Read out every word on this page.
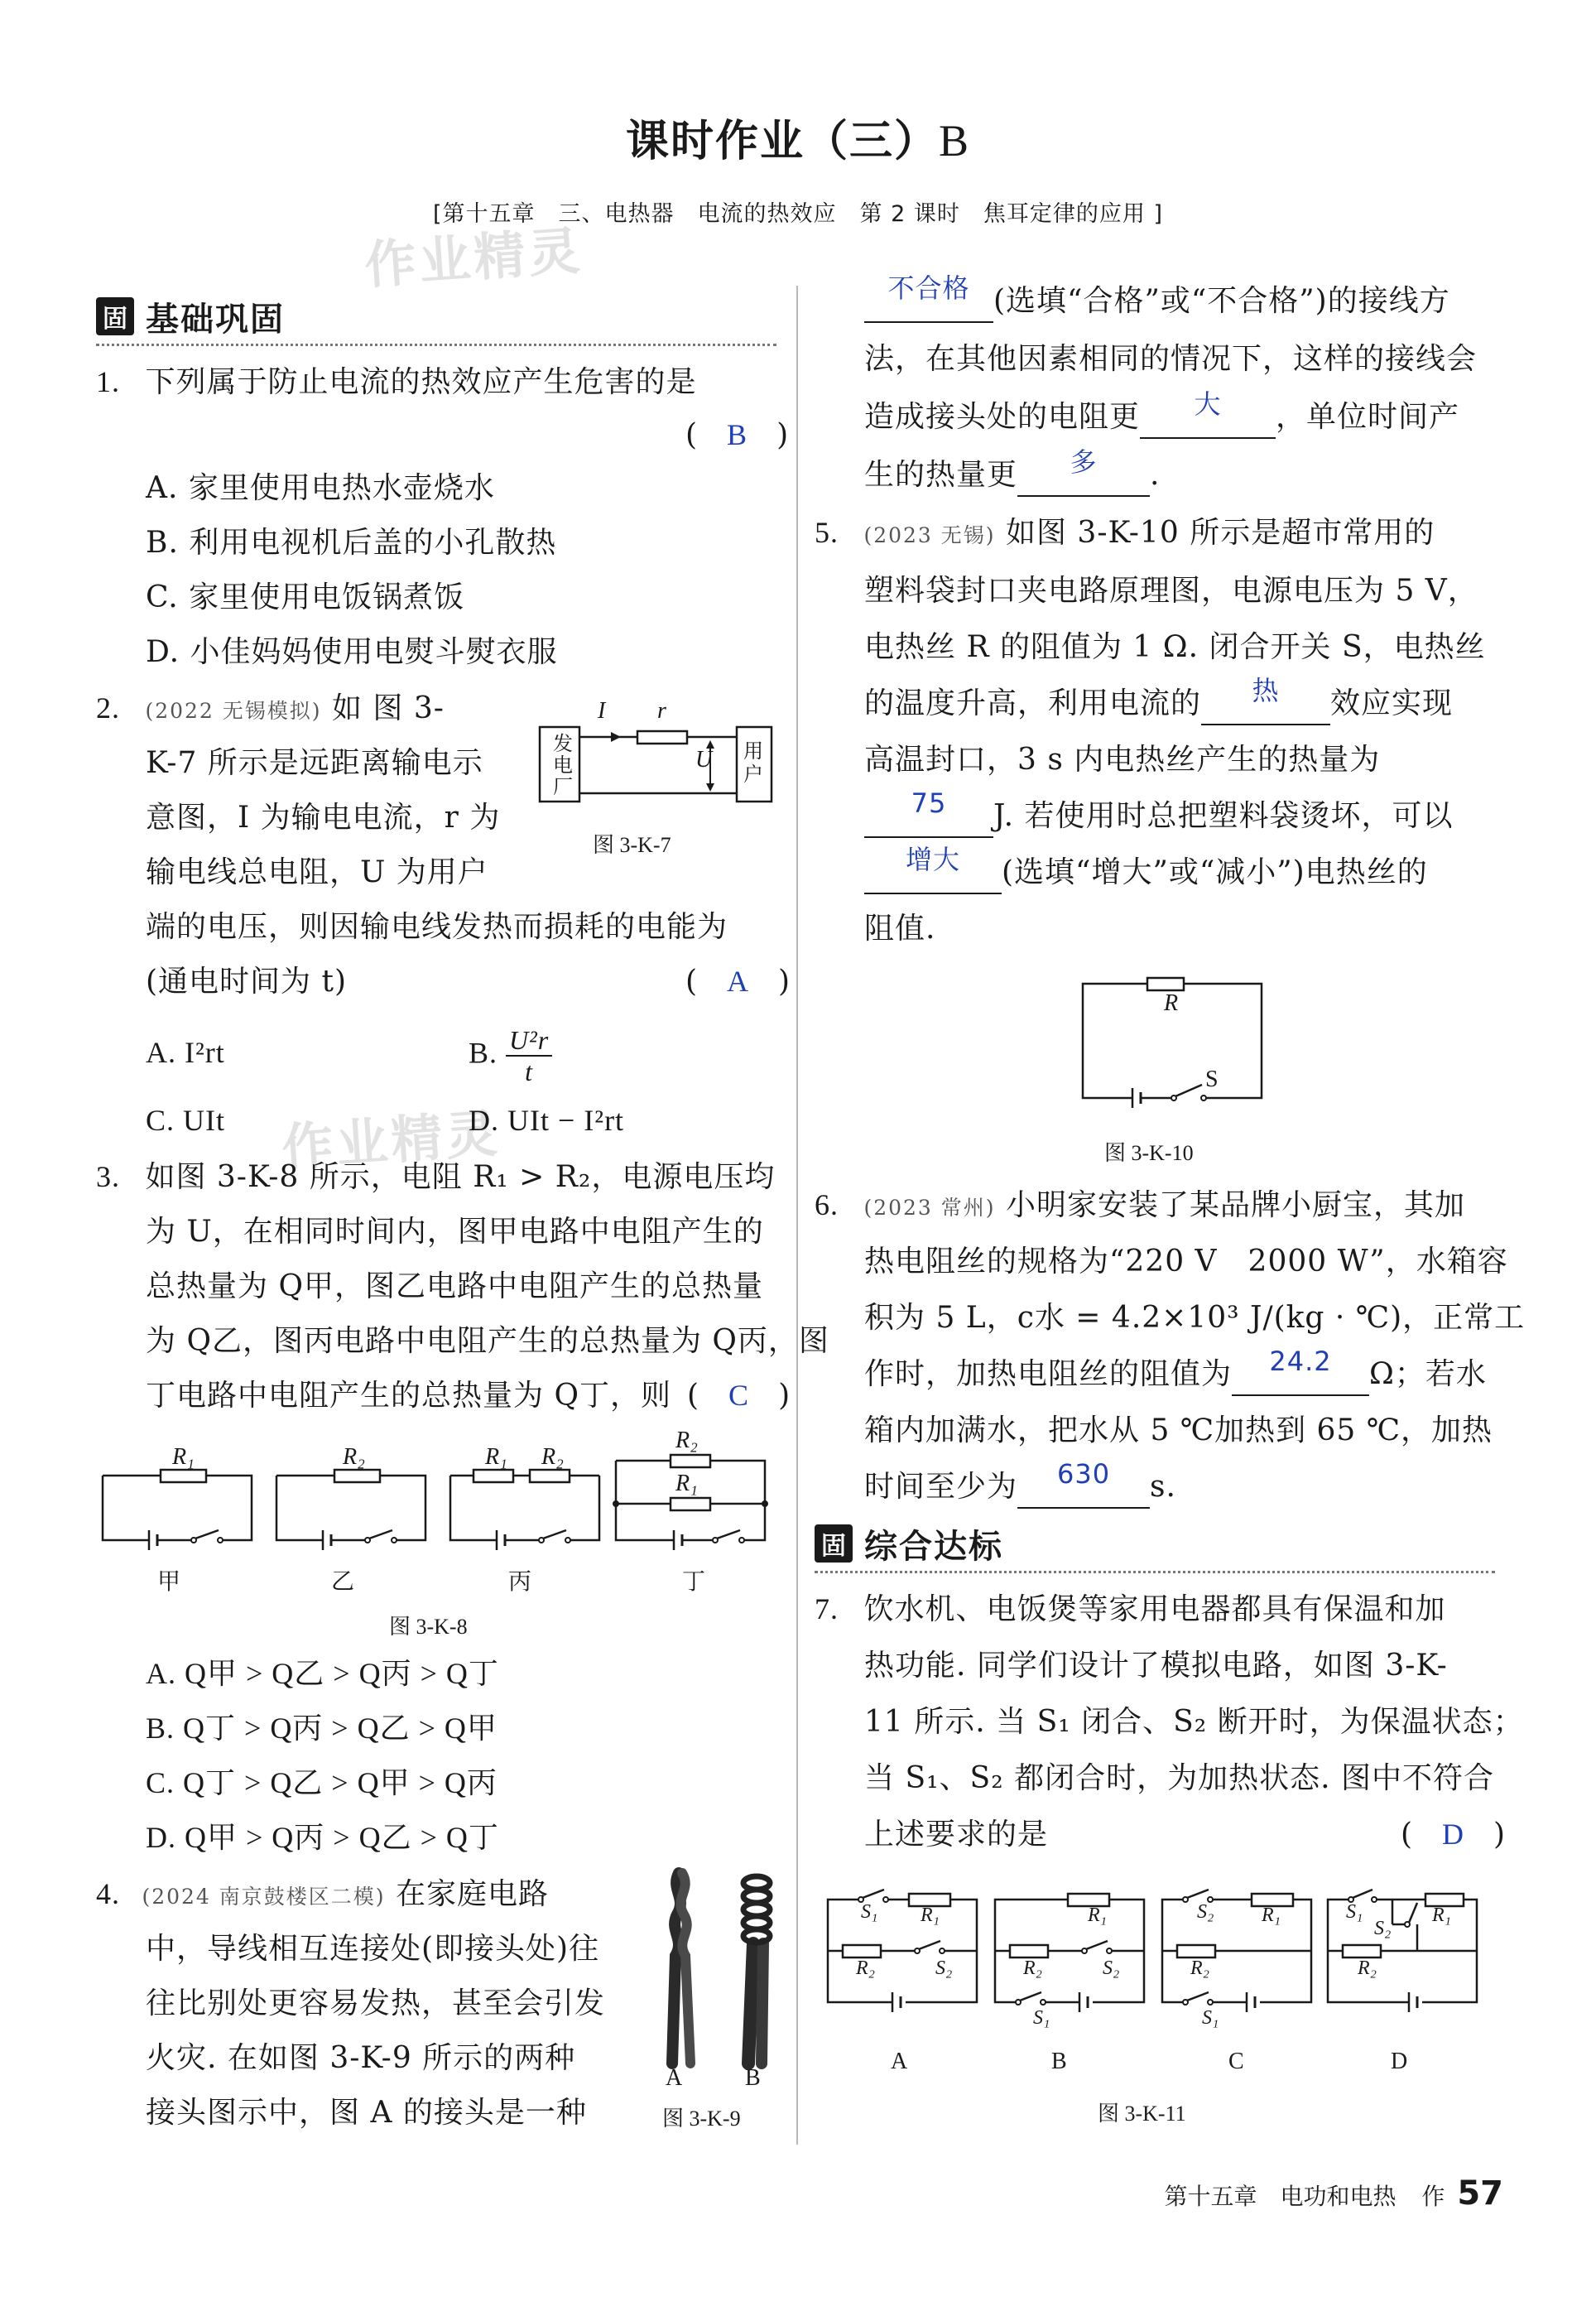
课时作业（三）B
[第十五章　三、电热器　电流的热效应　第 2 课时　焦耳定律的应用 ]
作业精灵
作业精灵
固 基础巩固
1. 下列属于防止电流的热效应产生危害的是
(　B　)
A. 家里使用电热水壶烧水
B. 利用电视机后盖的小孔散热
C. 家里使用电饭锅煮饭
D. 小佳妈妈使用电熨斗熨衣服
2. (2022 无锡模拟) 如 图 3-
K-7 所示是远距离输电示
意图，I 为输电电流，r 为
输电线总电阻，U 为用户
端的电压，则因输电线发热而损耗的电能为
(通电时间为 t)	(　A　)
发电厂
用户
I r
U
图 3-K-7
A. I²rt	B. $\frac{\text{U²r}}{t}$
C. UIt	D. UIt − I²rt
3. 如图 3-K-8 所示，电阻 R₁ > R₂，电源电压均
为 U，在相同时间内，图甲电路中电阻产生的
总热量为 Q甲，图乙电路中电阻产生的总热量
为 Q乙，图丙电路中电阻产生的总热量为 Q丙，图
丁电路中电阻产生的总热量为 Q丁，则 (　C　)
R₁	R₂	R₁ R₂
R₂
R₁
甲	乙	丙	丁
图 3-K-8
A. Q甲 > Q乙 > Q丙 > Q丁
B. Q丁 > Q丙 > Q乙 > Q甲
C. Q丁 > Q乙 > Q甲 > Q丙
D. Q甲 > Q丙 > Q乙 > Q丁
4. (2024 南京鼓楼区二模) 在家庭电路
中，导线相互连接处(即接头处)往
往比别处更容易发热，甚至会引发
火灾. 在如图 3-K-9 所示的两种
接头图示中，图 A 的接头是一种
A	B
图 3-K-9
不合格 (选填“合格”或“不合格”)的接线方
法，在其他因素相同的情况下，这样的接线会
造成接头处的电阻更 大 ，单位时间产
生的热量更 多 .
5. (2023 无锡) 如图 3-K-10 所示是超市常用的
塑料袋封口夹电路原理图，电源电压为 5 V，
电热丝 R 的阻值为 1 Ω. 闭合开关 S，电热丝
的温度升高，利用电流的 热 效应实现
高温封口，3 s 内电热丝产生的热量为
75 J. 若使用时总把塑料袋烫坏，可以
增大 (选填“增大”或“减小”)电热丝的
阻值.
R
S
图 3-K-10
6. (2023 常州) 小明家安装了某品牌小厨宝，其加
热电阻丝的规格为“220 V　2000 W”，水箱容
积为 5 L，c水 = 4.2×10³ J/(kg · ℃)，正常工
作时，加热电阻丝的阻值为 24.2 Ω；若水
箱内加满水，把水从 5 ℃加热到 65 ℃，加热
时间至少为 630 s.
固 综合达标
7. 饮水机、电饭煲等家用电器都具有保温和加
热功能. 同学们设计了模拟电路，如图 3-K-
11 所示. 当 S₁ 闭合、S₂ 断开时，为保温状态；
当 S₁、S₂ 都闭合时，为加热状态. 图中不符合
上述要求的是	(　D　)
S₁ R₁
R₂	S₂
R₁
R₂	S₂
S₁
S₂ R₁
R₂
S₁
S₁
S₂
R₁
R₂
A	B	C	D
图 3-K-11
第十五章　电功和电热 作 57
